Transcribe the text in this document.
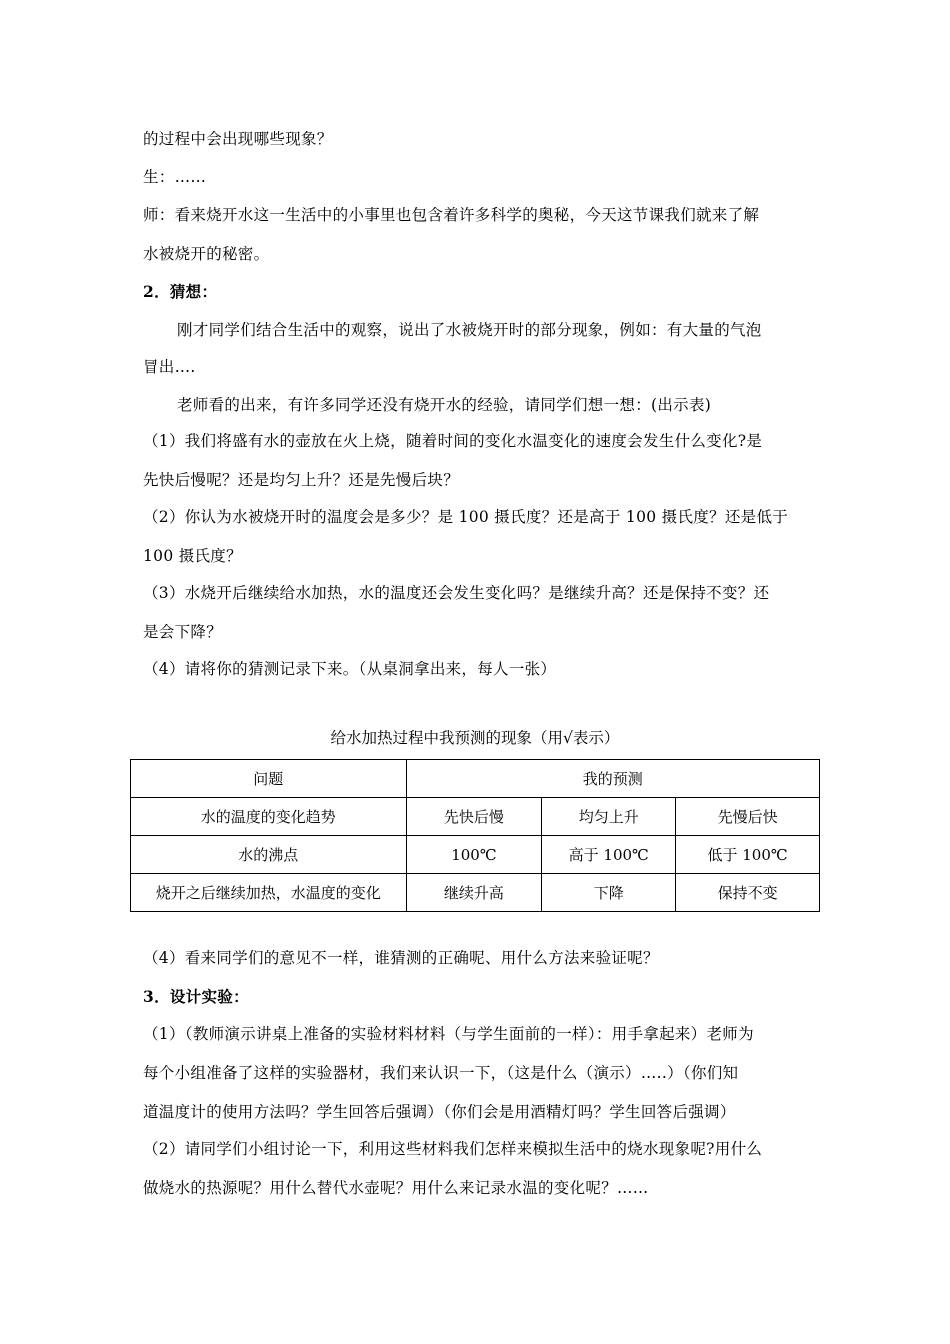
的过程中会出现哪些现象？
生：……
师：看来烧开水这一生活中的小事里也包含着许多科学的奥秘，今天这节课我们就来了解
水被烧开的秘密。
2．猜想：
刚才同学们结合生活中的观察，说出了水被烧开时的部分现象，例如：有大量的气泡
冒出….
老师看的出来，有许多同学还没有烧开水的经验，请同学们想一想：(出示表)
（1）我们将盛有水的壶放在火上烧，随着时间的变化水温变化的速度会发生什么变化?是
先快后慢呢？还是均匀上升？还是先慢后块？
（2）你认为水被烧开时的温度会是多少？是 100 摄氏度？还是高于 100 摄氏度？还是低于
100 摄氏度？
（3）水烧开后继续给水加热，水的温度还会发生变化吗？是继续升高？还是保持不变？还
是会下降？
（4）请将你的猜测记录下来。（从桌洞拿出来，每人一张）
给水加热过程中我预测的现象（用√表示）
问题	我的预测		
水的温度的变化趋势	先快后慢	均匀上升	先慢后快
水的沸点	100℃	高于 100℃	低于 100℃
烧开之后继续加热，水温度的变化	继续升高	下降	保持不变
（4）看来同学们的意见不一样，谁猜测的正确呢、用什么方法来验证呢？
3．设计实验：
（1）（教师演示讲桌上准备的实验材料材料（与学生面前的一样）：用手拿起来）老师为
每个小组准备了这样的实验器材，我们来认识一下，（这是什么（演示）…..）（你们知
道温度计的使用方法吗？学生回答后强调）（你们会是用酒精灯吗？学生回答后强调）
（2）请同学们小组讨论一下，利用这些材料我们怎样来模拟生活中的烧水现象呢?用什么
做烧水的热源呢？用什么替代水壶呢？用什么来记录水温的变化呢？……
